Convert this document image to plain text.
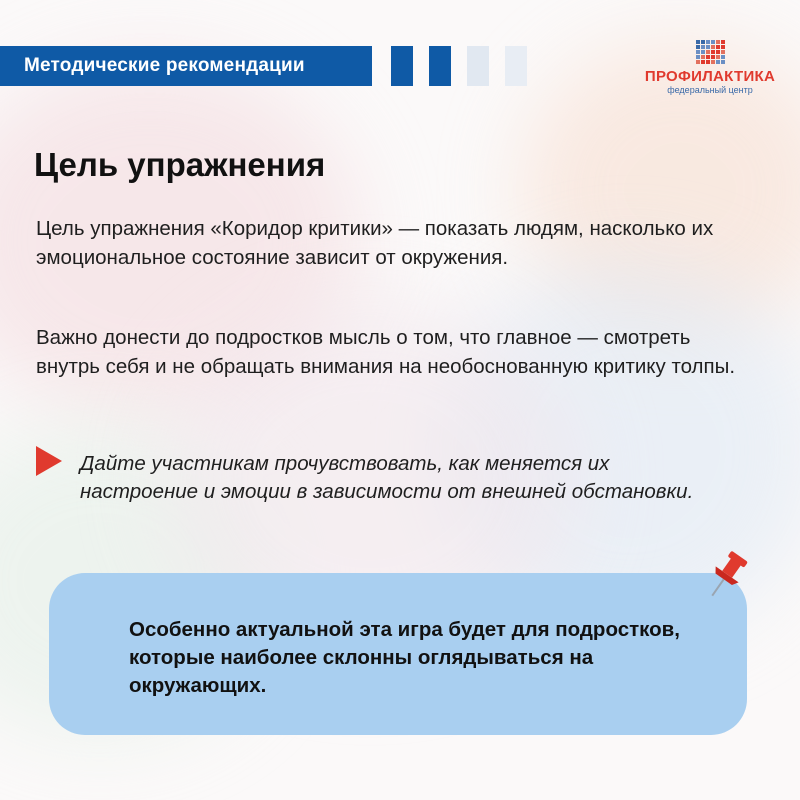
Методические рекомендации
ПРОФИЛАКТИКА
федеральный центр
Цель упражнения

Цель упражнения «Коридор критики» — показать людям, насколько их эмоциональное состояние зависит от окружения.

Важно донести до подростков мысль о том, что главное — смотреть внутрь себя и не обращать внимания на необоснованную критику толпы.

Дайте участникам прочувствовать, как меняется их настроение и эмоции в зависимости от внешней обстановки.

Особенно актуальной эта игра будет для подростков, которые наиболее склонны оглядываться на окружающих.
